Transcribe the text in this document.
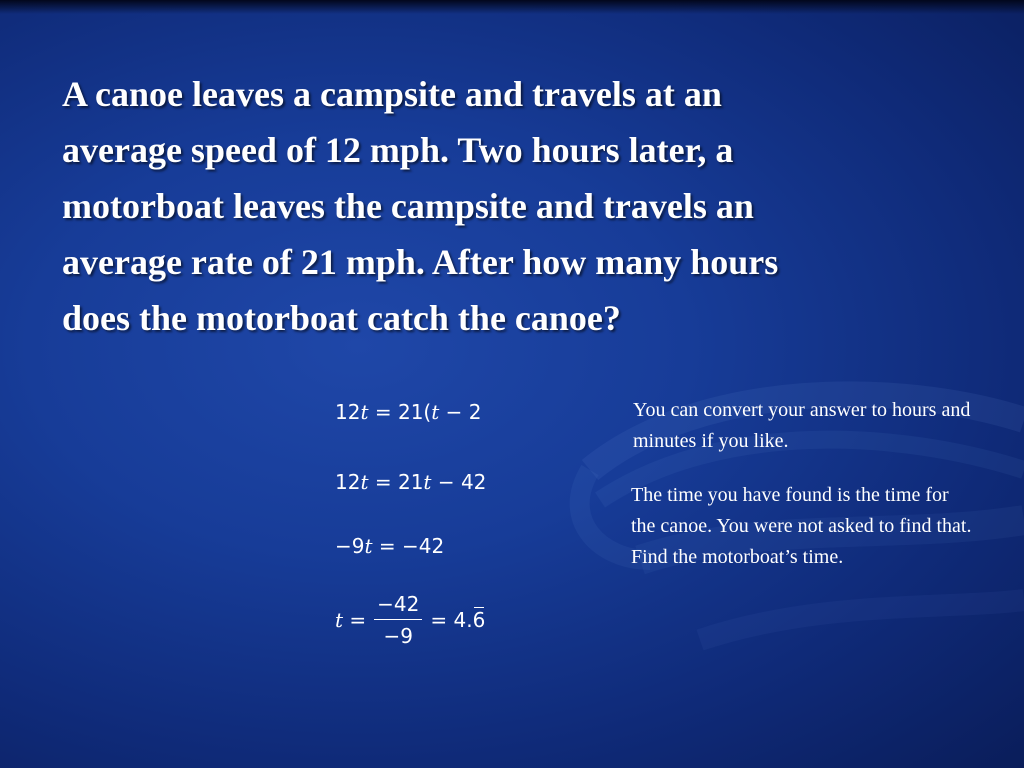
A canoe leaves a campsite and travels at an
average speed of 12 mph. Two hours later, a
motorboat leaves the campsite and travels an
average rate of 21 mph. After how many hours
does the motorboat catch the canoe?

12t = 21(t − 2
12t = 21t − 42
−9t = −42
$t = \frac{-42}{-9} = 4$. 6

You can convert your answer to hours and minutes if you like.

The time you have found is the time for the canoe. You were not asked to find that. Find the motorboat’s time.
